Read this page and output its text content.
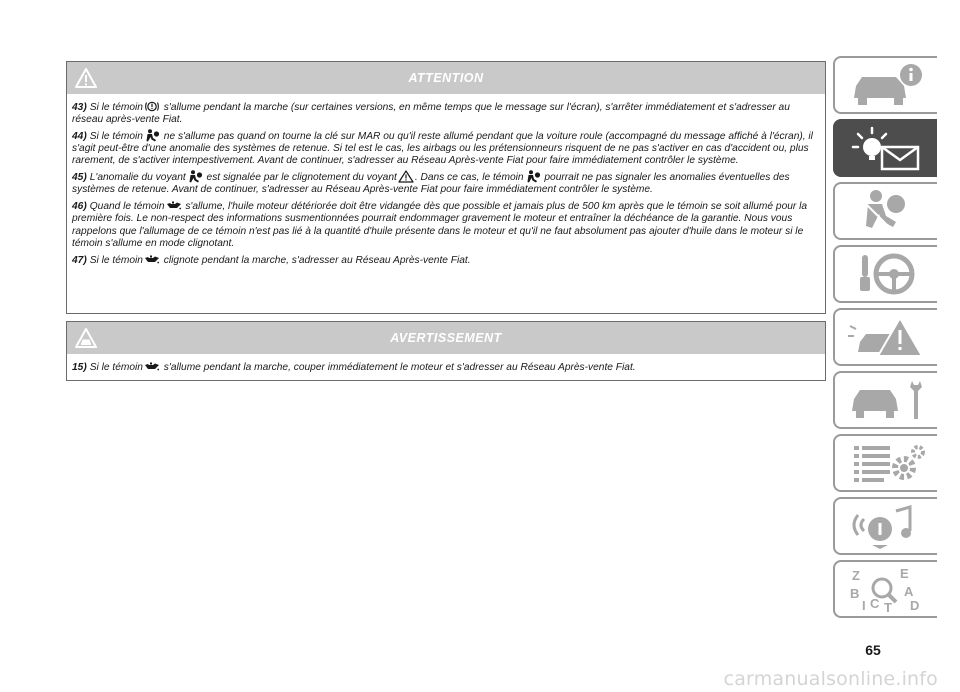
ATTENTION

43) Si le témoin s'allume pendant la marche (sur certaines versions, en même temps que le message sur l'écran), s'arrêter immédiatement et s'adresser au réseau après-vente Fiat.

44) Si le témoin ne s'allume pas quand on tourne la clé sur MAR ou qu'il reste allumé pendant que la voiture roule (accompagné du message affiché à l'écran), il s'agit peut-être d'une anomalie des systèmes de retenue. Si tel est le cas, les airbags ou les prétensionneurs risquent de ne pas s'activer en cas d'accident ou, plus rarement, de s'activer intempestivement. Avant de continuer, s'adresser au Réseau Après-vente Fiat pour faire immédiatement contrôler le système.

45) L'anomalie du voyant est signalée par le clignotement du voyant . Dans ce cas, le témoin pourrait ne pas signaler les anomalies éventuelles des systèmes de retenue. Avant de continuer, s'adresser au Réseau Après-vente Fiat pour faire immédiatement contrôler le système.

46) Quand le témoin s'allume, l'huile moteur détériorée doit être vidangée dès que possible et jamais plus de 500 km après que le témoin se soit allumé pour la première fois. Le non-respect des informations susmentionnées pourrait endommager gravement le moteur et entraîner la déchéance de la garantie. Nous vous rappelons que l'allumage de ce témoin n'est pas lié à la quantité d'huile présente dans le moteur et qu'il ne faut absolument pas ajouter d'huile dans le moteur si le témoin s'allume en mode clignotant.

47) Si le témoin clignote pendant la marche, s'adresser au Réseau Après-vente Fiat.

AVERTISSEMENT

15) Si le témoin s'allume pendant la marche, couper immédiatement le moteur et s'adresser au Réseau Après-vente Fiat.

Z	E
B	A
I C T D
65
carmanualsonline.info
